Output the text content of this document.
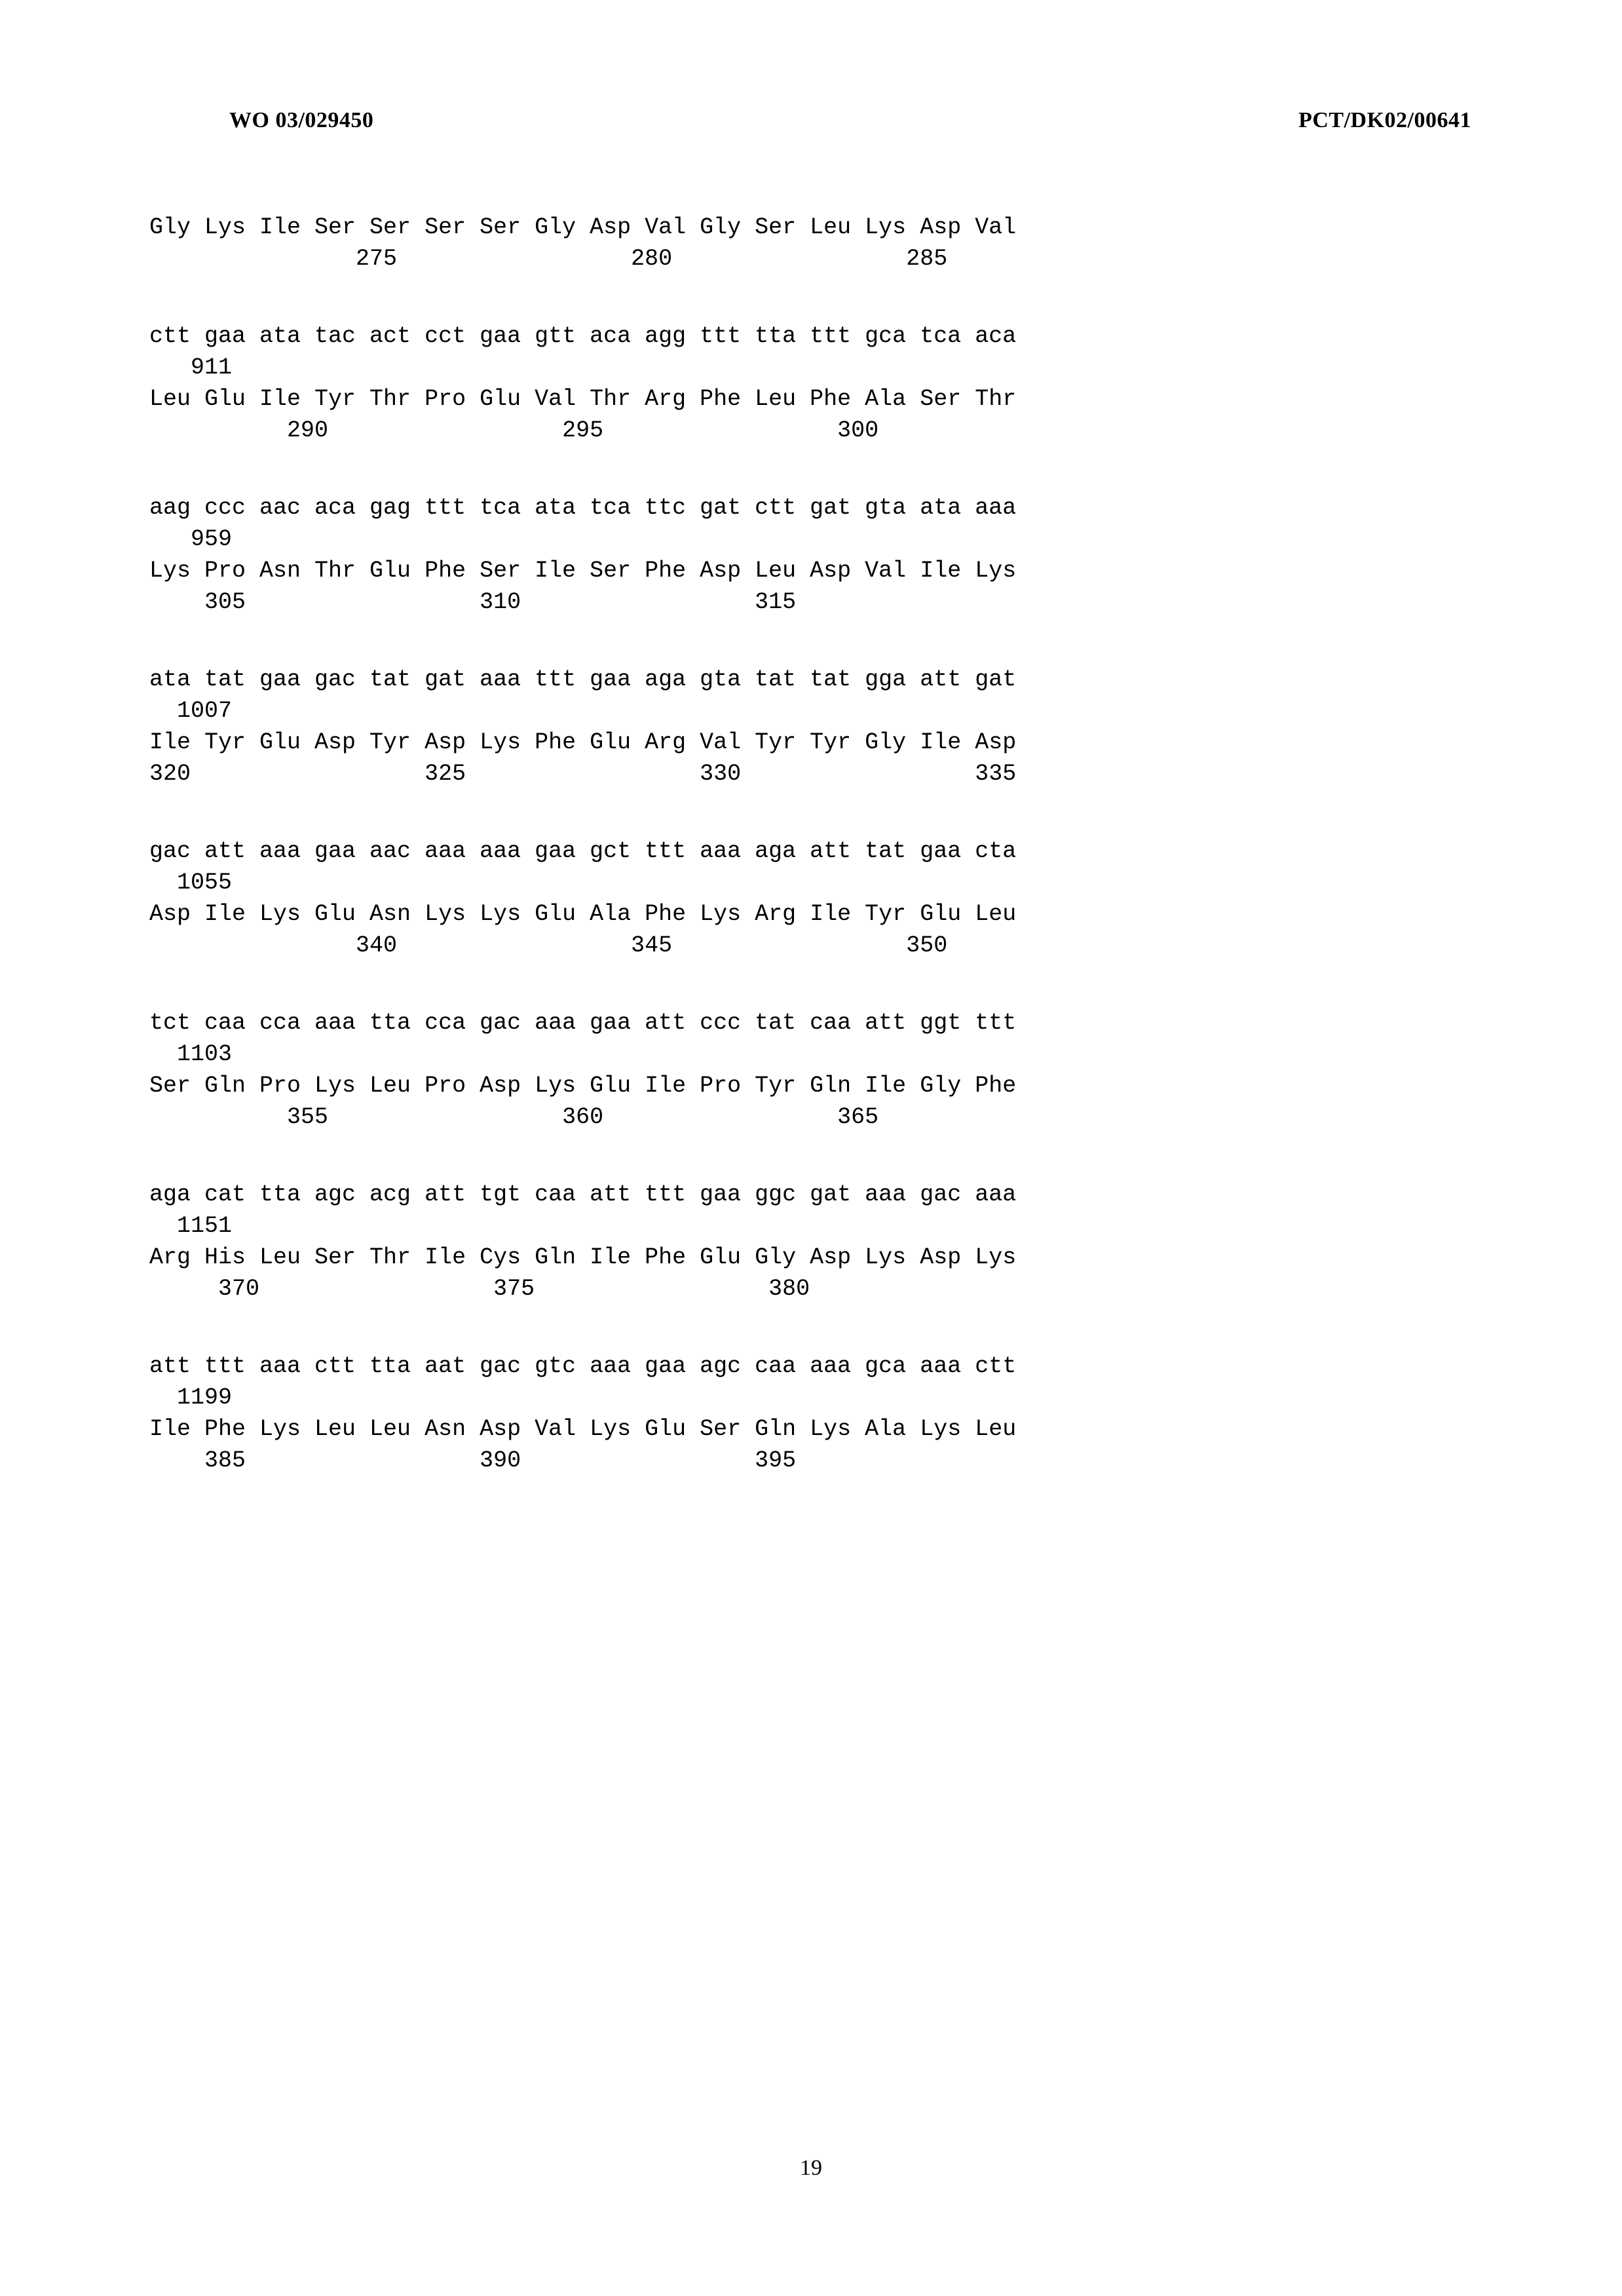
WO 03/029450	PCT/DK02/00641
Gly Lys Ile Ser Ser Ser Ser Gly Asp Val Gly Ser Leu Lys Asp Val
275                 280                 285
ctt gaa ata tac act cct gaa gtt aca agg ttt tta ttt gca tca aca
911
Leu Glu Ile Tyr Thr Pro Glu Val Thr Arg Phe Leu Phe Ala Ser Thr
290                 295                 300
aag ccc aac aca gag ttt tca ata tca ttc gat ctt gat gta ata aaa
959
Lys Pro Asn Thr Glu Phe Ser Ile Ser Phe Asp Leu Asp Val Ile Lys
305                 310                 315
ata tat gaa gac tat gat aaa ttt gaa aga gta tat tat gga att gat
1007
Ile Tyr Glu Asp Tyr Asp Lys Phe Glu Arg Val Tyr Tyr Gly Ile Asp
320                 325                 330                 335
gac att aaa gaa aac aaa aaa gaa gct ttt aaa aga att tat gaa cta
1055
Asp Ile Lys Glu Asn Lys Lys Glu Ala Phe Lys Arg Ile Tyr Glu Leu
340                 345                 350
tct caa cca aaa tta cca gac aaa gaa att ccc tat caa att ggt ttt
1103
Ser Gln Pro Lys Leu Pro Asp Lys Glu Ile Pro Tyr Gln Ile Gly Phe
355                 360                 365
aga cat tta agc acg att tgt caa att ttt gaa ggc gat aaa gac aaa
1151
Arg His Leu Ser Thr Ile Cys Gln Ile Phe Glu Gly Asp Lys Asp Lys
370                 375                 380
att ttt aaa ctt tta aat gac gtc aaa gaa agc caa aaa gca aaa ctt
1199
Ile Phe Lys Leu Leu Asn Asp Val Lys Glu Ser Gln Lys Ala Lys Leu
385                 390                 395
19
